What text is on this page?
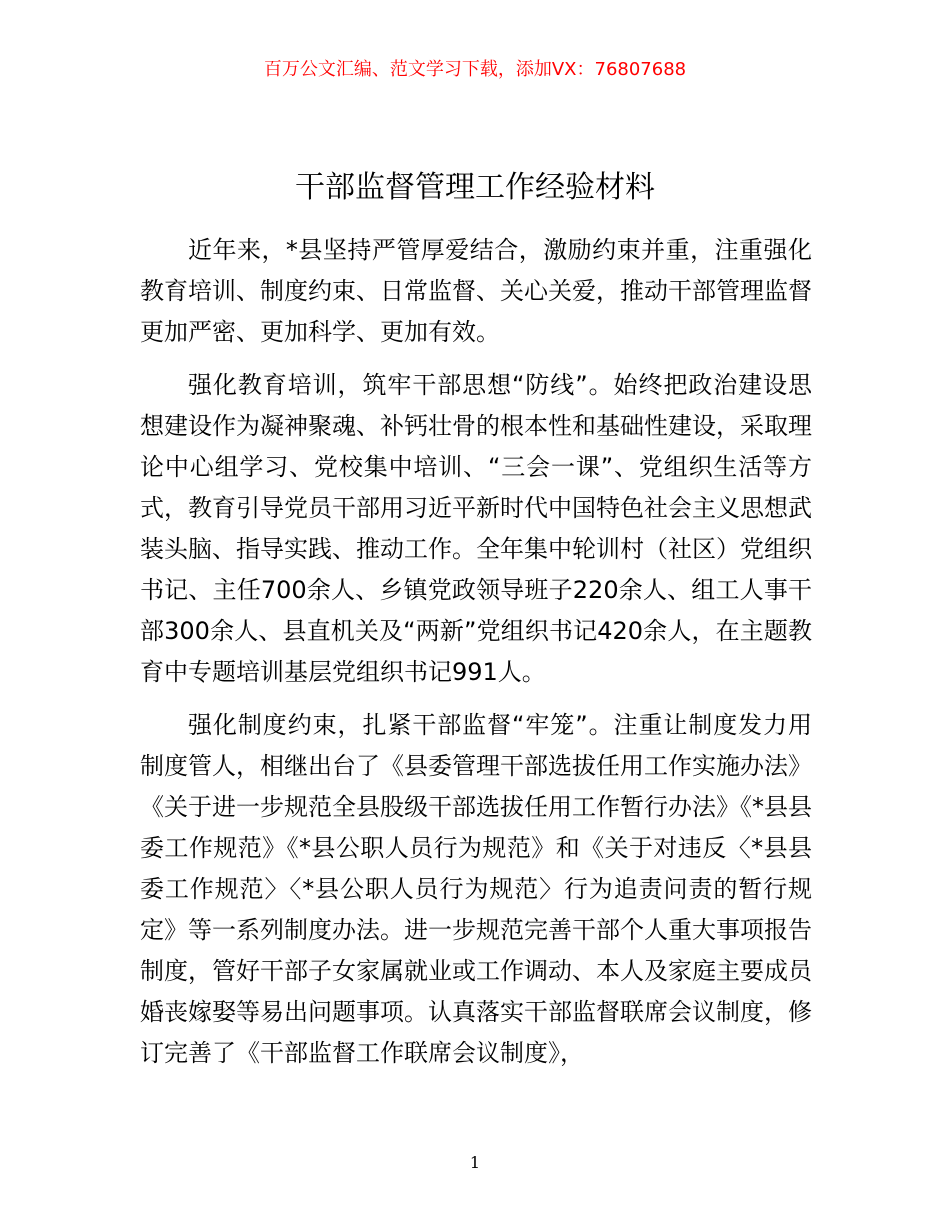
百万公文汇编、范文学习下载，添加VX：76807688
干部监督管理工作经验材料

近年来，*县坚持严管厚爱结合，激励约束并重，注重强化教育培训、制度约束、日常监督、关心关爱，推动干部管理监督更加严密、更加科学、更加有效。

强化教育培训，筑牢干部思想“防线”。始终把政治建设思想建设作为凝神聚魂、补钙壮骨的根本性和基础性建设，采取理论中心组学习、党校集中培训、“三会一课”、党组织生活等方式，教育引导党员干部用习近平新时代中国特色社会主义思想武装头脑、指导实践、推动工作。全年集中轮训村（社区）党组织书记、主任700余人、乡镇党政领导班子220余人、组工人事干部300余人、县直机关及“两新”党组织书记420余人，在主题教育中专题培训基层党组织书记991人。

强化制度约束，扎紧干部监督“牢笼”。注重让制度发力用制度管人，相继出台了《县委管理干部选拔任用工作实施办法》《关于进一步规范全县股级干部选拔任用工作暂行办法》《*县县委工作规范》《*县公职人员行为规范》和《关于对违反〈*县县委工作规范〉〈*县公职人员行为规范〉行为追责问责的暂行规定》等一系列制度办法。进一步规范完善干部个人重大事项报告制度，管好干部子女家属就业或工作调动、本人及家庭主要成员婚丧嫁娶等易出问题事项。认真落实干部监督联席会议制度，修订完善了《干部监督工作联席会议制度》，

1
